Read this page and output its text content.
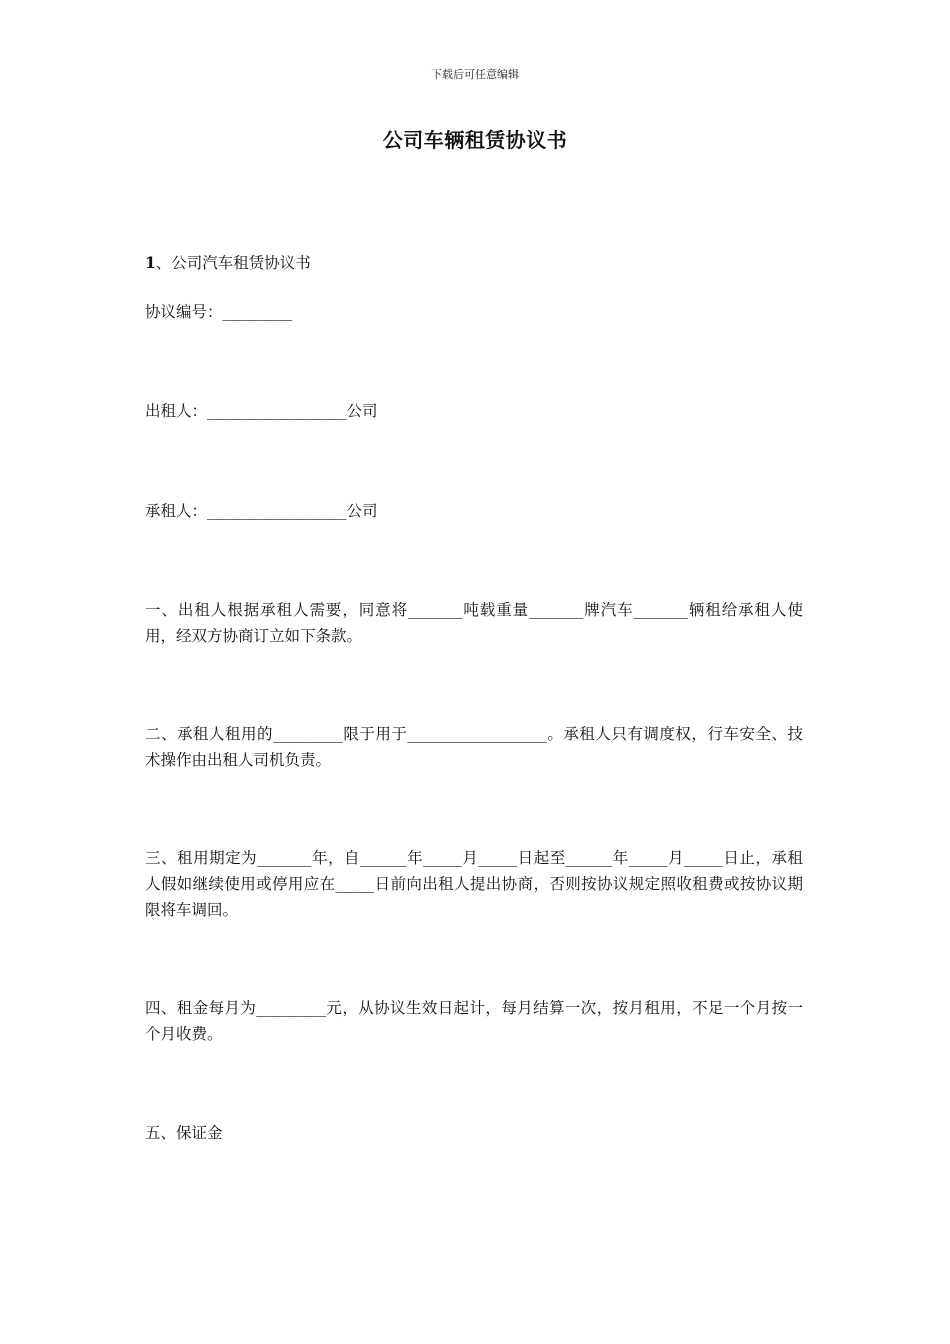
下载后可任意编辑
公司车辆租赁协议书
1、公司汽车租赁协议书
协议编号：_________
出租人：__________________公司
承租人：__________________公司
一、出租人根据承租人需要，同意将_______吨载重量_______牌汽车_______辆租给承租人使用，经双方协商订立如下条款。
二、承租人租用的_________限于用于__________________。承租人只有调度权，行车安全、技术操作由出租人司机负责。
三、租用期定为_______年，自______年_____月_____日起至______年_____月_____日止，承租人假如继续使用或停用应在_____日前向出租人提出协商，否则按协议规定照收租费或按协议期限将车调回。
四、租金每月为_________元，从协议生效日起计，每月结算一次，按月租用，不足一个月按一个月收费。
五、保证金
